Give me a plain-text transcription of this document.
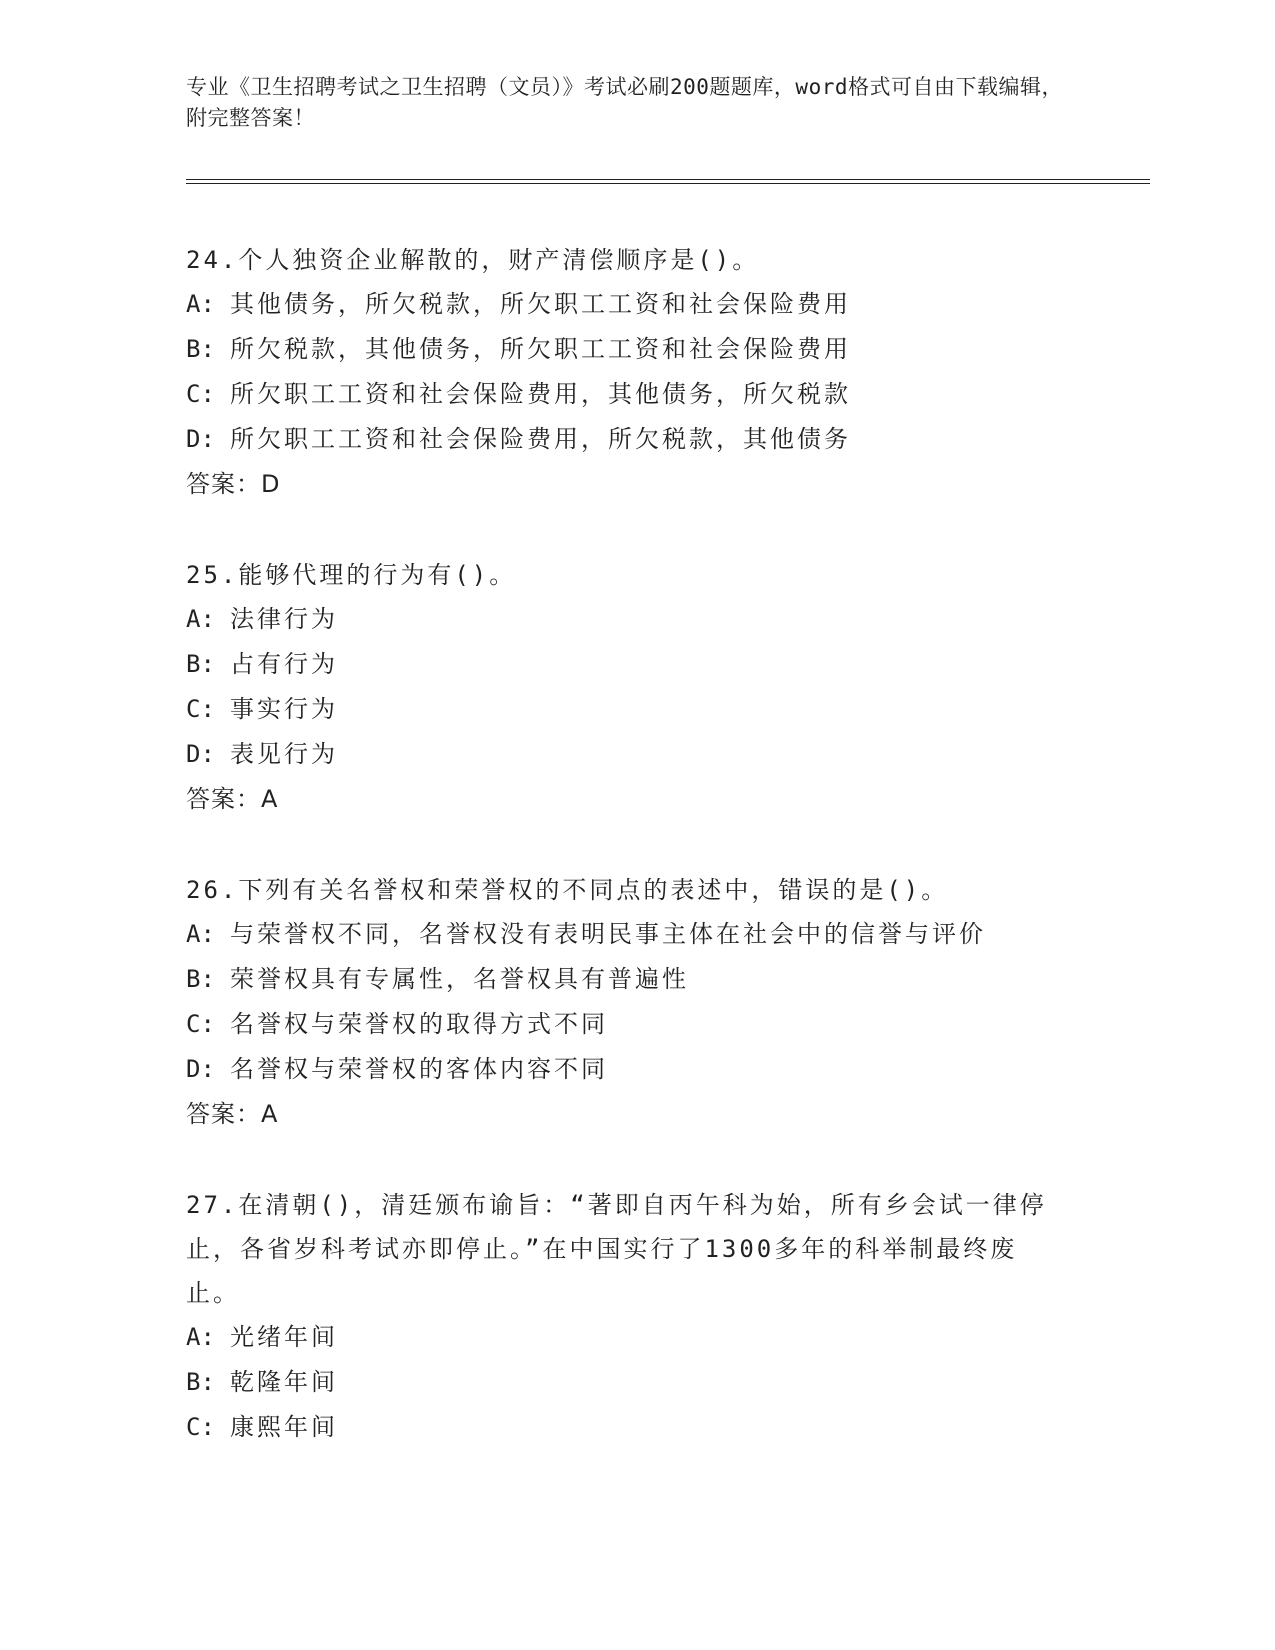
专业《卫生招聘考试之卫生招聘（文员）》考试必刷200题题库，word格式可自由下载编辑，附完整答案！
24.个人独资企业解散的，财产清偿顺序是()。
A: 其他债务，所欠税款，所欠职工工资和社会保险费用
B: 所欠税款，其他债务，所欠职工工资和社会保险费用
C: 所欠职工工资和社会保险费用，其他债务，所欠税款
D: 所欠职工工资和社会保险费用，所欠税款，其他债务
答案：D
25.能够代理的行为有()。
A: 法律行为
B: 占有行为
C: 事实行为
D: 表见行为
答案：A
26.下列有关名誉权和荣誉权的不同点的表述中，错误的是()。
A: 与荣誉权不同，名誉权没有表明民事主体在社会中的信誉与评价
B: 荣誉权具有专属性，名誉权具有普遍性
C: 名誉权与荣誉权的取得方式不同
D: 名誉权与荣誉权的客体内容不同
答案：A
27.在清朝()，清廷颁布谕旨：“著即自丙午科为始，所有乡会试一律停止，各省岁科考试亦即停止。”在中国实行了1300多年的科举制最终废止。
A: 光绪年间
B: 乾隆年间
C: 康熙年间
